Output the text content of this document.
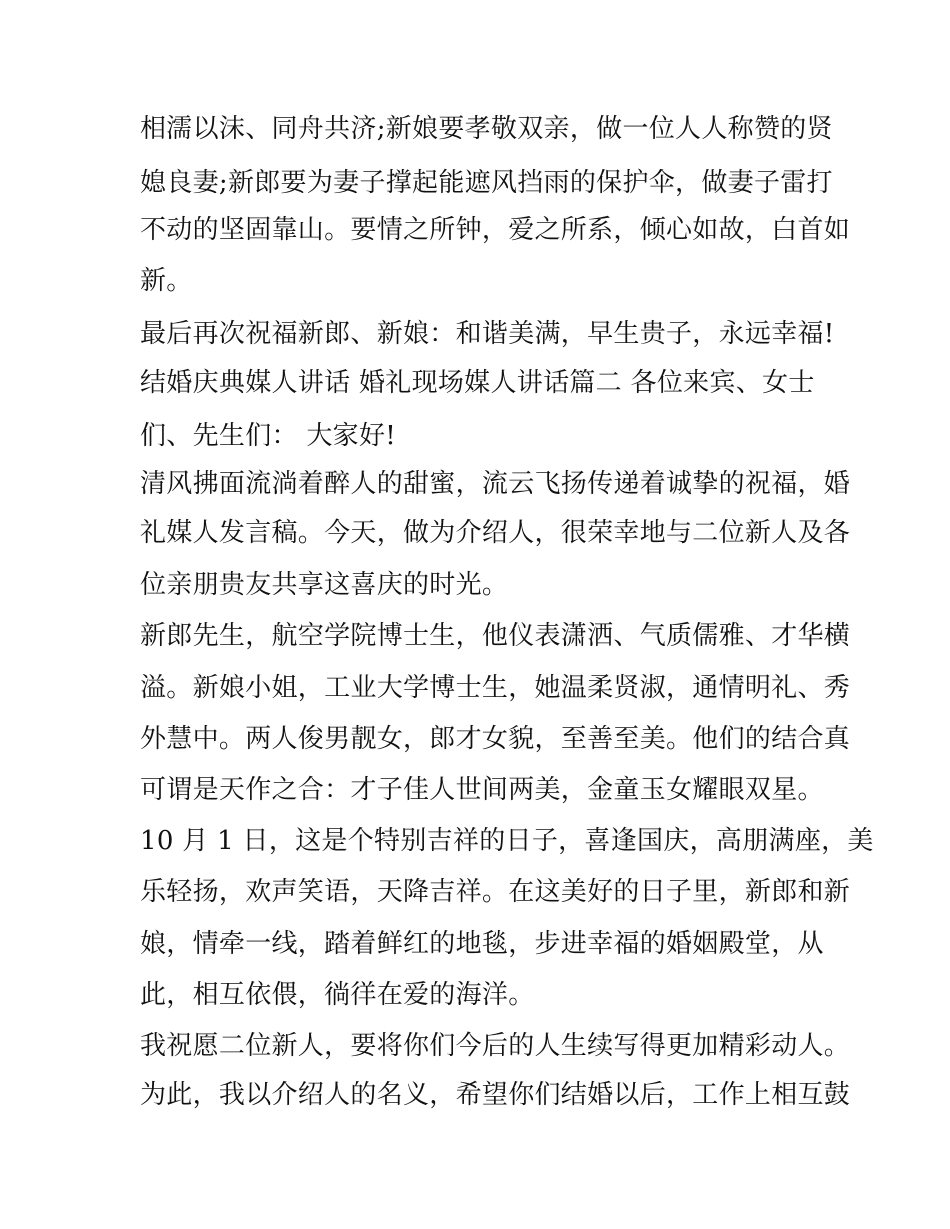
相濡以沫、同舟共济;新娘要孝敬双亲，做一位人人称赞的贤
媳良妻;新郎要为妻子撑起能遮风挡雨的保护伞，做妻子雷打
不动的坚固靠山。要情之所钟，爱之所系，倾心如故，白首如
新。
最后再次祝福新郎、新娘：和谐美满，早生贵子，永远幸福!
结婚庆典媒人讲话 婚礼现场媒人讲话篇二 各位来宾、女士
们、先生们： 大家好!
清风拂面流淌着醉人的甜蜜，流云飞扬传递着诚挚的祝福，婚
礼媒人发言稿。今天，做为介绍人，很荣幸地与二位新人及各
位亲朋贵友共享这喜庆的时光。
新郎先生，航空学院博士生，他仪表潇洒、气质儒雅、才华横
溢。新娘小姐，工业大学博士生，她温柔贤淑，通情明礼、秀
外慧中。两人俊男靓女，郎才女貌，至善至美。他们的结合真
可谓是天作之合：才子佳人世间两美，金童玉女耀眼双星。
10 月 1 日，这是个特别吉祥的日子，喜逢国庆，高朋满座，美
乐轻扬，欢声笑语，天降吉祥。在这美好的日子里，新郎和新
娘，情牵一线，踏着鲜红的地毯，步进幸福的婚姻殿堂，从
此，相互依偎，徜徉在爱的海洋。
我祝愿二位新人，要将你们今后的人生续写得更加精彩动人。
为此，我以介绍人的名义，希望你们结婚以后，工作上相互鼓
